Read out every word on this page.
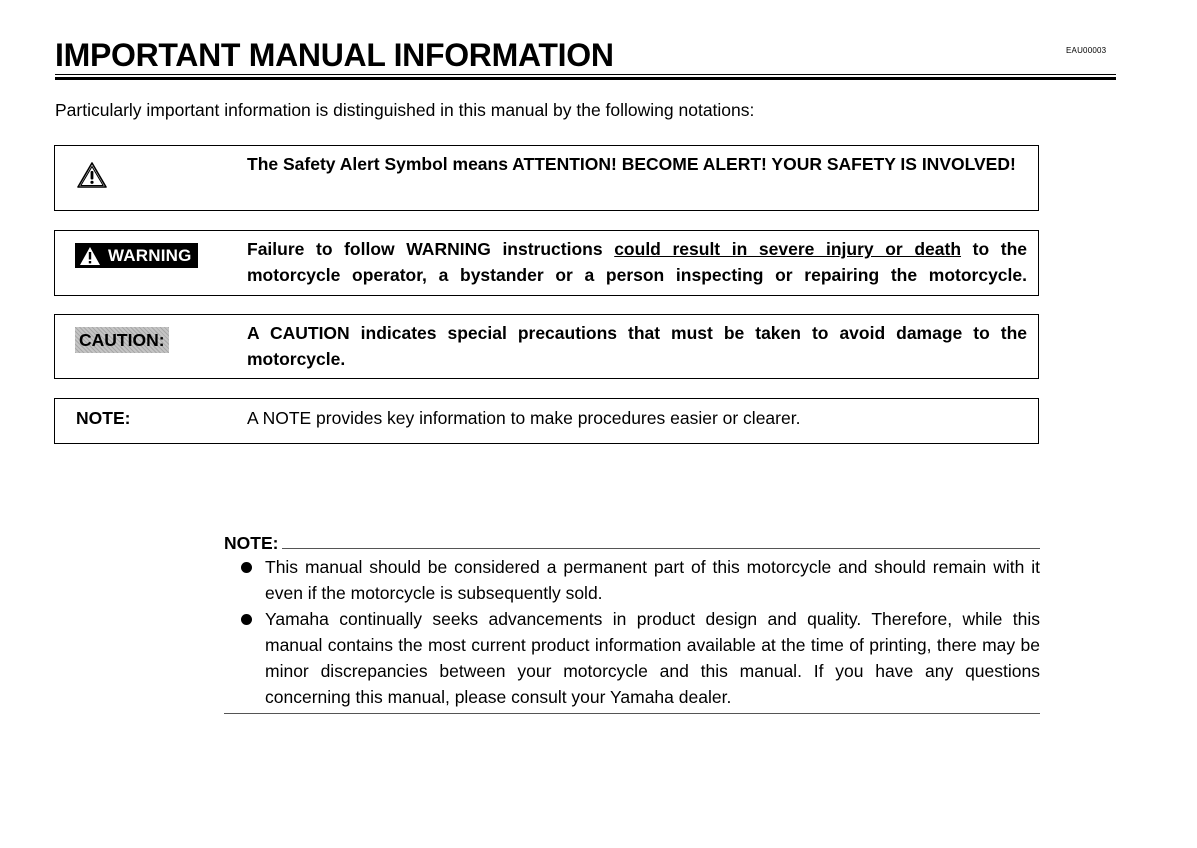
IMPORTANT MANUAL INFORMATION	EAU00003
Particularly important information is distinguished in this manual by the following notations:
The Safety Alert Symbol means ATTENTION! BECOME ALERT! YOUR SAFETY IS INVOLVED!
WARNING	Failure to follow WARNING instructions could result in severe injury or death to the motorcycle operator, a bystander or a person inspecting or repairing the motorcycle.
CAUTION:	A CAUTION indicates special precautions that must be taken to avoid damage to the motorcycle.
NOTE:	A NOTE provides key information to make procedures easier or clearer.
NOTE:
This manual should be considered a permanent part of this motorcycle and should remain with it even if the motorcycle is subsequently sold.
Yamaha continually seeks advancements in product design and quality. Therefore, while this manual contains the most current product information available at the time of printing, there may be minor discrepancies between your motorcycle and this manual. If you have any questions concerning this manual, please consult your Yamaha dealer.
